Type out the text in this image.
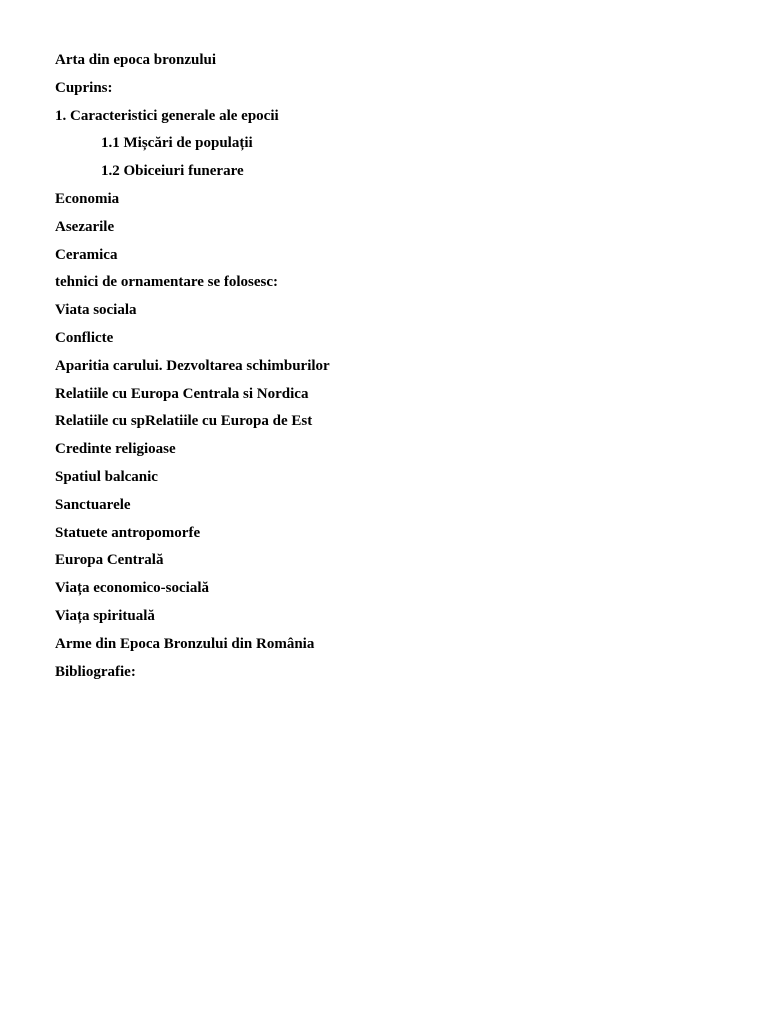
Arta din epoca bronzului
Cuprins:
1. Caracteristici generale ale epocii
1.1 Mișcări de populații
1.2 Obiceiuri funerare
Economia
Asezarile
Ceramica
tehnici de ornamentare se folosesc:
Viata sociala
Conflicte
Aparitia carului. Dezvoltarea schimburilor
Relatiile cu Europa Centrala si Nordica
Relatiile cu spRelatiile cu Europa de Est
Credinte religioase
Spatiul balcanic
Sanctuarele
Statuete antropomorfe
Europa Centrală
Viața economico-socială
Viața spirituală
Arme din Epoca Bronzului din România
Bibliografie:
